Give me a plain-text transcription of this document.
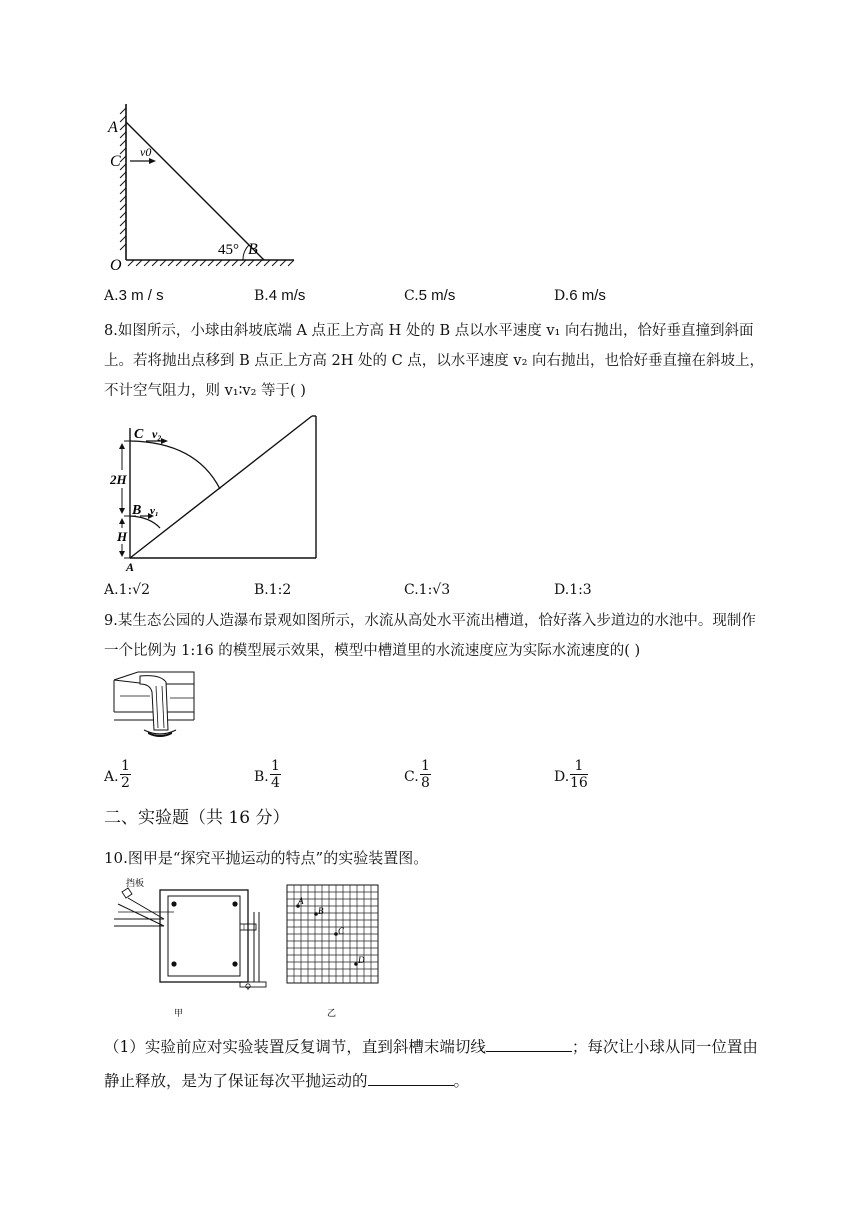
A
C
v0
O
45° B
A.3 m / s	B.4 m/s	C.5 m/s	D.6 m/s
8.如图所示，小球由斜坡底端 A 点正上方高 H 处的 B 点以水平速度 v₁ 向右抛出，恰好垂直撞到斜面上。若将抛出点移到 B 点正上方高 2H 处的 C 点，以水平速度 v₂ 向右抛出，也恰好垂直撞在斜坡上，不计空气阻力，则 v₁∶v₂ 等于( )
C v₂
2H
B v₁
H
A
A.1:√2	B.1:2	C.1:√3	D.1:3
9.某生态公园的人造瀑布景观如图所示，水流从高处水平流出槽道，恰好落入步道边的水池中。现制作一个比例为 1:16 的模型展示效果，模型中槽道里的水流速度应为实际水流速度的( )
A. $\frac{1}{2}$	B. $\frac{1}{4}$	C. $\frac{1}{8}$	D. $\frac{1}{16}$
二、实验题（共 16 分）
10.图甲是“探究平抛运动的特点”的实验装置图。
挡板
甲
A
B
C
D
乙
（1）实验前应对实验装置反复调节，直到斜槽末端切线	；每次让小球从同一位置由静止释放，是为了保证每次平抛运动的	。
